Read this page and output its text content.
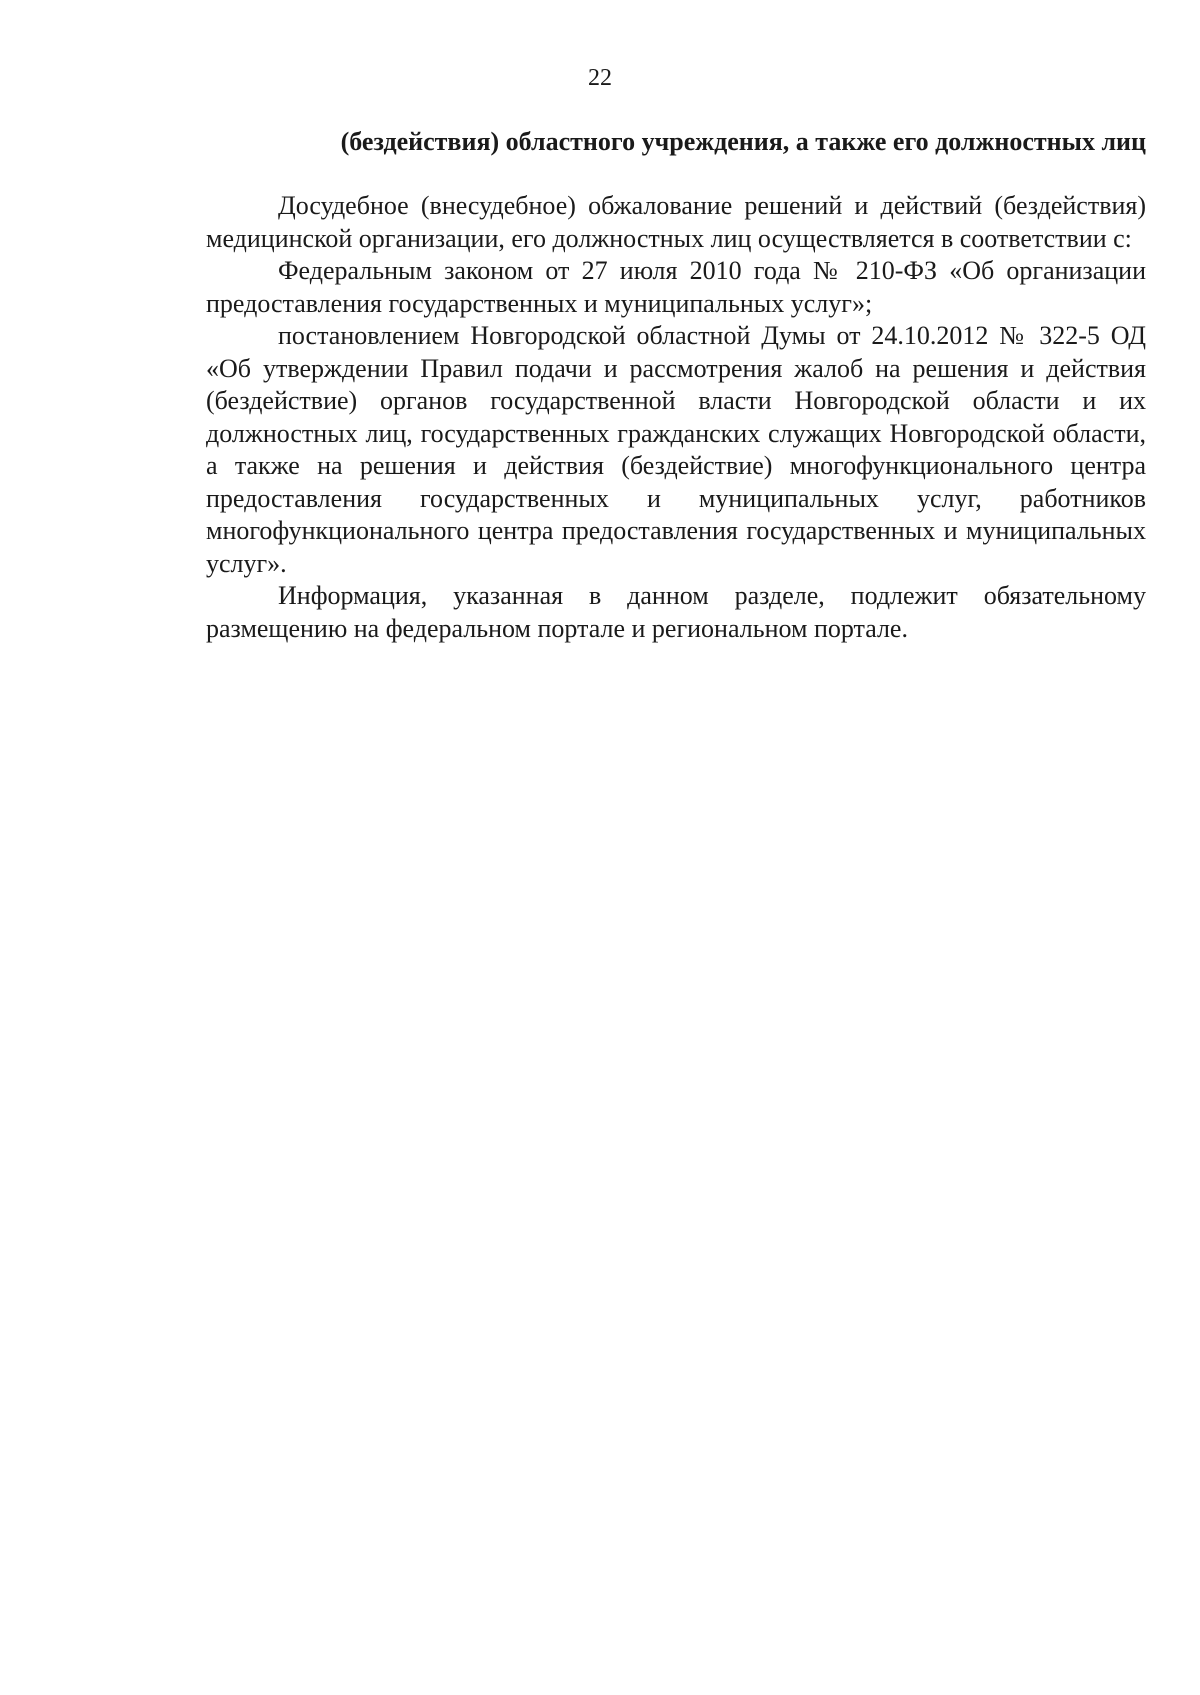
22
(бездействия) областного учреждения, а также его должностных лиц

Досудебное (внесудебное) обжалование решений и действий (бездействия) медицинской организации, его должностных лиц осуществляется в соответствии с:

Федеральным законом от 27 июля 2010 года № 210-ФЗ «Об организации предоставления государственных и муниципальных услуг»;

постановлением Новгородской областной Думы от 24.10.2012 № 322-5 ОД «Об утверждении Правил подачи и рассмотрения жалоб на решения и действия (бездействие) органов государственной власти Новгородской области и их должностных лиц, государственных гражданских служащих Новгородской области, а также на решения и действия (бездействие) многофункционального центра предоставления государственных и муниципальных услуг, работников многофункционального центра предоставления государственных и муниципальных услуг».

Информация, указанная в данном разделе, подлежит обязательному размещению на федеральном портале и региональном портале.
